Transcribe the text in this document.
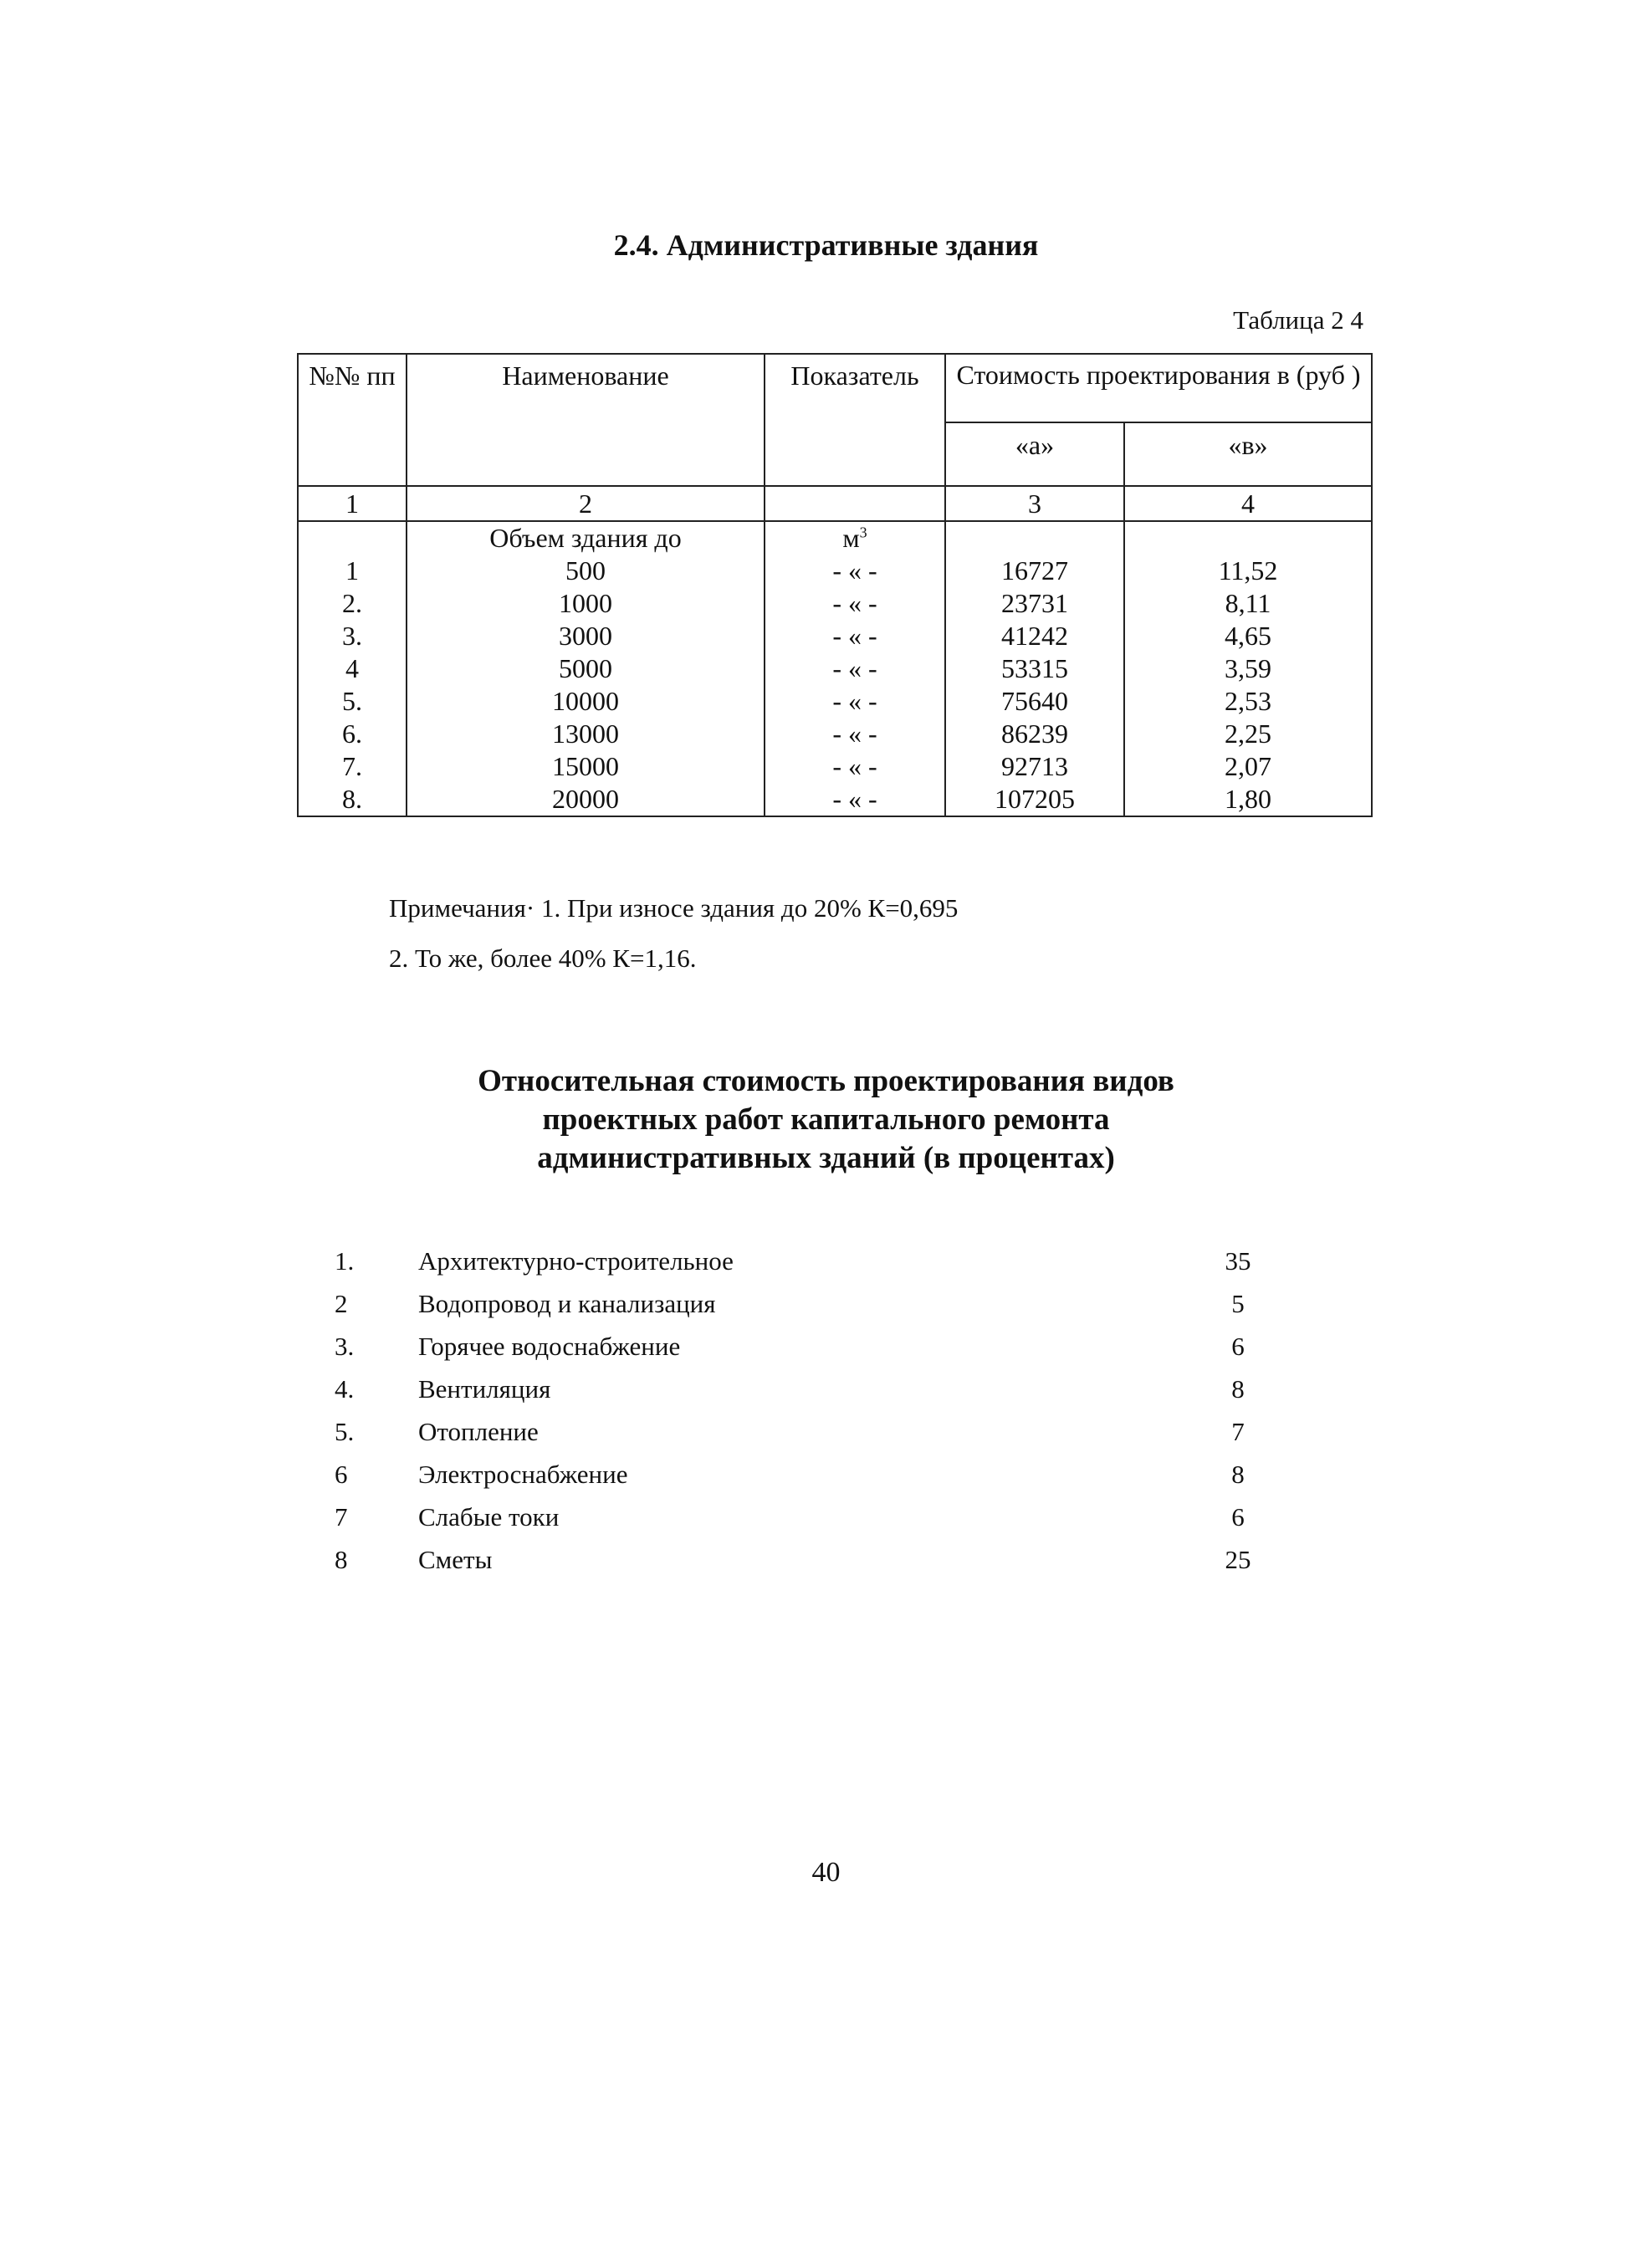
2.4. Административные здания
Таблица 2 4
№№ пп	Наименование	Показатель	Стоимость проектирования в (руб )	
			«а»	«в»
1	2		3	4
	Объем здания до	$м^3$		
1	500	- « -	16727	11,52
2.	1000	- « -	23731	8,11
3.	3000	- « -	41242	4,65
4	5000	- « -	53315	3,59
5.	10000	- « -	75640	2,53
6.	13000	- « -	86239	2,25
7.	15000	- « -	92713	2,07
8.	20000	- « -	107205	1,80
Примечания· 1. При износе здания до 20% К=0,695
2. То же, более 40% К=1,16.
Относительная стоимость проектирования видов
проектных работ капитального ремонта
административных зданий (в процентах)
1.	Архитектурно-строительное	35
2	Водопровод и канализация	5
3.	Горячее водоснабжение	6
4.	Вентиляция	8
5.	Отопление	7
6	Электроснабжение	8
7	Слабые токи	6
8	Сметы	25
40
